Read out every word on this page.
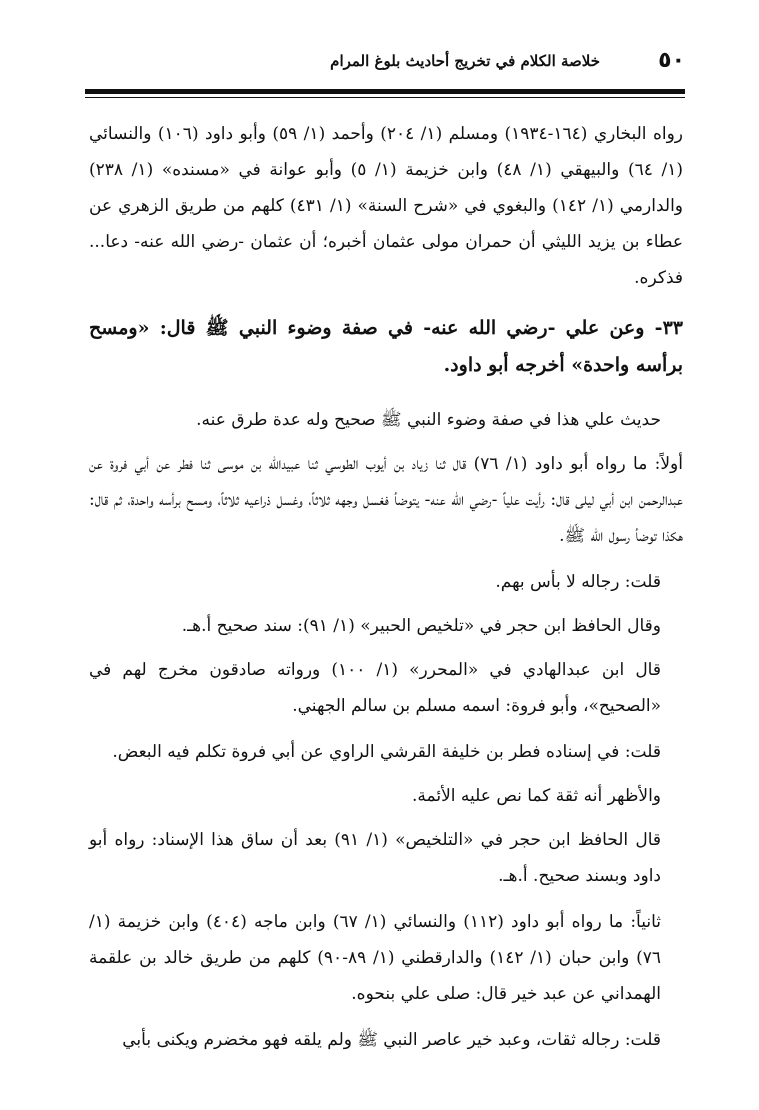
٥٠
خلاصة الكلام في تخريج أحاديث بلوغ المرام

رواه البخاري (١٦٤-١٩٣٤) ومسلم (١/ ٢٠٤) وأحمد (١/ ٥٩) وأبو داود (١٠٦) والنسائي (١/ ٦٤) والبيهقي (١/ ٤٨) وابن خزيمة (١/ ٥) وأبو عوانة في «مسنده» (١/ ٢٣٨) والدارمي (١/ ١٤٢) والبغوي في «شرح السنة» (١/ ٤٣١) كلهم من طريق الزهري عن عطاء بن يزيد الليثي أن حمران مولى عثمان أخبره؛ أن عثمان -رضي الله عنه- دعا... فذكره.

٣٣- وعن علي -رضي الله عنه- في صفة وضوء النبي ﷺ قال: «ومسح برأسه واحدة» أخرجه أبو داود.

حديث علي هذا في صفة وضوء النبي ﷺ صحيح وله عدة طرق عنه.

أولاً: ما رواه أبو داود (١/ ٧٦) قال ثنا زياد بن أيوب الطوسي ثنا عبيدالله بن موسى ثنا فطر عن أبي فروة عن عبدالرحمن ابن أبي ليلى قال: رأيت علياً -رضي الله عنه- يتوضأ فغسل وجهه ثلاثاً، وغسل ذراعيه ثلاثاً، ومسح برأسه واحدة، ثم قال: هكذا توضأ رسول الله ﷺ.

قلت: رجاله لا بأس بهم.

وقال الحافظ ابن حجر في «تلخيص الحبير» (١/ ٩١): سند صحيح أ.هـ.

قال ابن عبدالهادي في «المحرر» (١/ ١٠٠) ورواته صادقون مخرج لهم في «الصحيح»، وأبو فروة: اسمه مسلم بن سالم الجهني.

قلت: في إسناده فطر بن خليفة القرشي الراوي عن أبي فروة تكلم فيه البعض.

والأظهر أنه ثقة كما نص عليه الأئمة.

قال الحافظ ابن حجر في «التلخيص» (١/ ٩١) بعد أن ساق هذا الإسناد: رواه أبو داود وبسند صحيح. أ.هـ.

ثانياً: ما رواه أبو داود (١١٢) والنسائي (١/ ٦٧) وابن ماجه (٤٠٤) وابن خزيمة (١/ ٧٦) وابن حبان (١/ ١٤٢) والدارقطني (١/ ٨٩-٩٠) كلهم من طريق خالد بن علقمة الهمداني عن عبد خير قال: صلى علي بنحوه.

قلت: رجاله ثقات، وعبد خير عاصر النبي ﷺ ولم يلقه فهو مخضرم ويكنى بأبي
